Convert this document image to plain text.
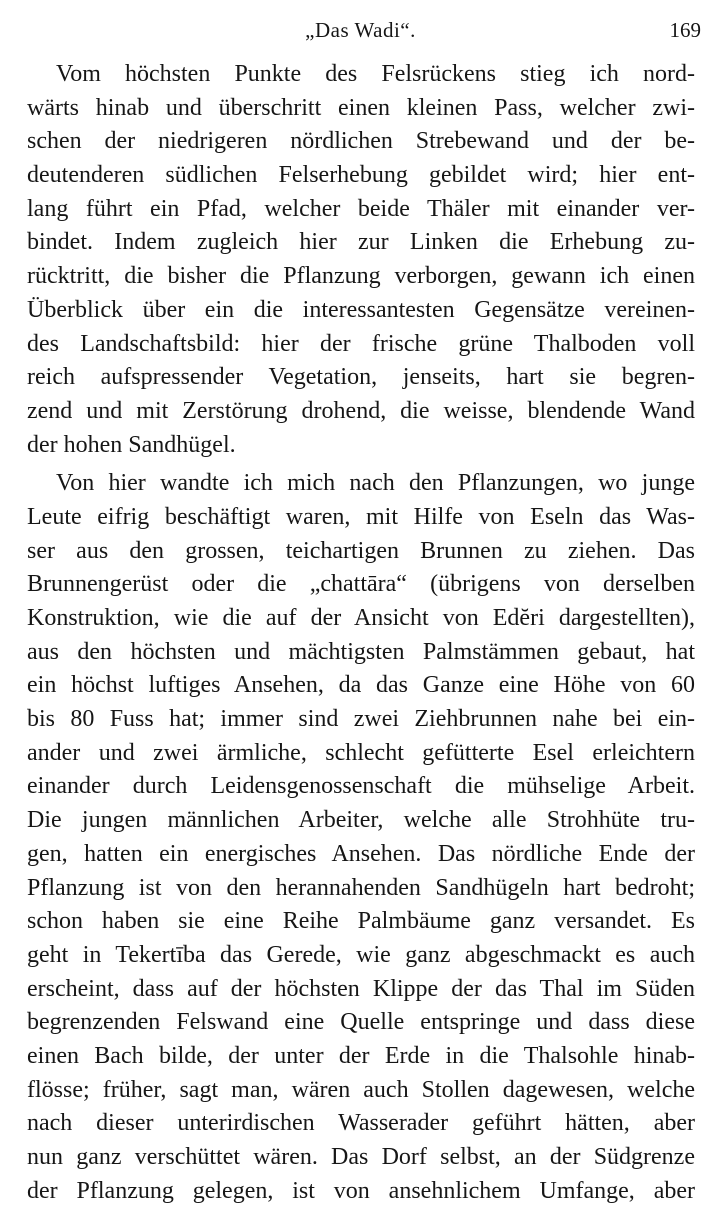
„Das Wadi“.	169
Vom höchsten Punkte des Felsrückens stieg ich nord-
wärts hinab und überschritt einen kleinen Pass, welcher zwi-
schen der niedrigeren nördlichen Strebewand und der be-
deutenderen südlichen Felserhebung gebildet wird; hier ent-
lang führt ein Pfad, welcher beide Thäler mit einander ver-
bindet. Indem zugleich hier zur Linken die Erhebung zu-
rücktritt, die bisher die Pflanzung verborgen, gewann ich einen
Überblick über ein die interessantesten Gegensätze vereinen-
des Landschaftsbild: hier der frische grüne Thalboden voll
reich aufspressender Vegetation, jenseits, hart sie begren-
zend und mit Zerstörung drohend, die weisse, blendende Wand
der hohen Sandhügel.
Von hier wandte ich mich nach den Pflanzungen, wo junge
Leute eifrig beschäftigt waren, mit Hilfe von Eseln das Was-
ser aus den grossen, teichartigen Brunnen zu ziehen. Das
Brunnengerüst oder die „chattāra“ (übrigens von derselben
Konstruktion, wie die auf der Ansicht von Edĕri dargestellten),
aus den höchsten und mächtigsten Palmstämmen gebaut, hat
ein höchst luftiges Ansehen, da das Ganze eine Höhe von 60
bis 80 Fuss hat; immer sind zwei Ziehbrunnen nahe bei ein-
ander und zwei ärmliche, schlecht gefütterte Esel erleichtern
einander durch Leidensgenossenschaft die mühselige Arbeit.
Die jungen männlichen Arbeiter, welche alle Strohhüte tru-
gen, hatten ein energisches Ansehen. Das nördliche Ende der
Pflanzung ist von den herannahenden Sandhügeln hart bedroht;
schon haben sie eine Reihe Palmbäume ganz versandet. Es
geht in Tekertība das Gerede, wie ganz abgeschmackt es auch
erscheint, dass auf der höchsten Klippe der das Thal im Süden
begrenzenden Felswand eine Quelle entspringe und dass diese
einen Bach bilde, der unter der Erde in die Thalsohle hinab-
flösse; früher, sagt man, wären auch Stollen dagewesen, welche
nach dieser unterirdischen Wasserader geführt hätten, aber
nun ganz verschüttet wären. Das Dorf selbst, an der Südgrenze
der Pflanzung gelegen, ist von ansehnlichem Umfange, aber
